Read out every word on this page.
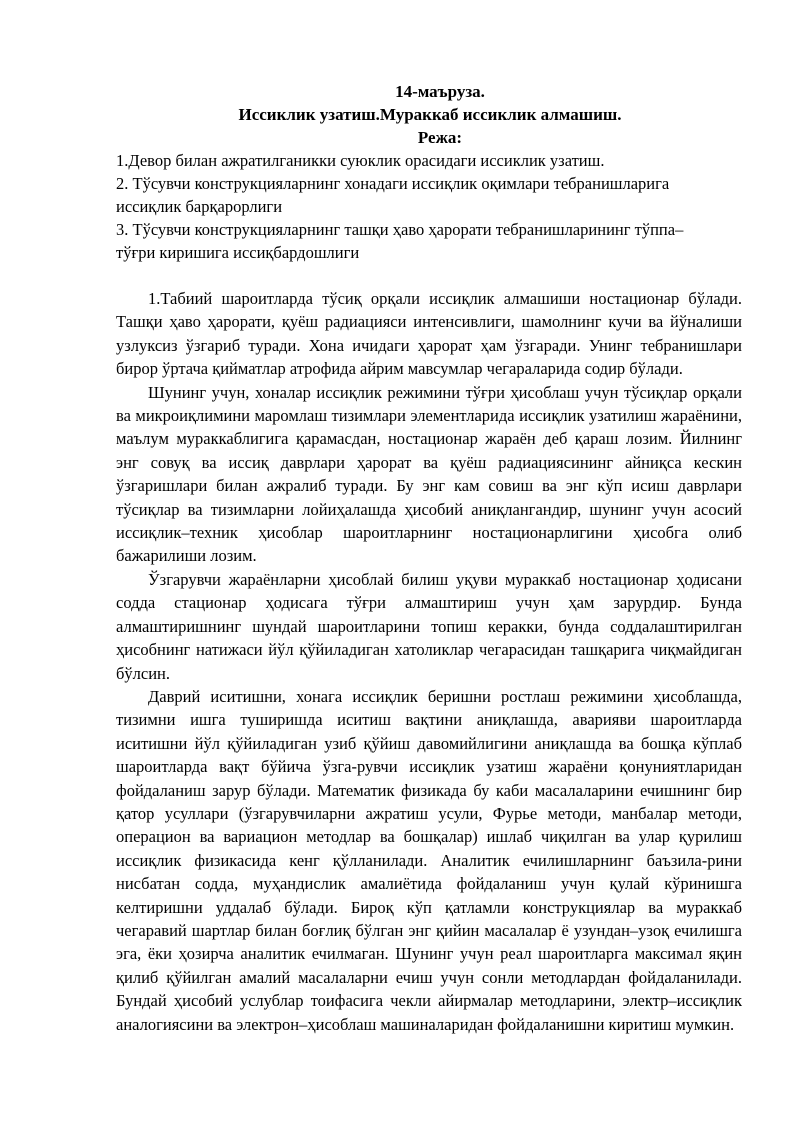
14-маъруза.
Иссиклик узатиш.Мураккаб иссиклик алмашиш.
Режа:

1.Девор билан ажратилганикки суюклик орасидаги иссиклик узатиш.

2. Тўсувчи конструкцияларнинг хонадаги иссиқлик оқимлари тебранишларига иссиқлик барқарорлиги

3. Тўсувчи конструкцияларнинг ташқи ҳаво ҳарорати тебранишларининг тўппа–тўғри киришига иссиқбардошлиги

1.Табиий шароитларда тўсиқ орқали иссиқлик алмашиши ностационар бўлади. Ташқи ҳаво ҳарорати, қуёш радиацияси интенсивлиги, шамолнинг кучи ва йўналиши узлуксиз ўзгариб туради. Хона ичидаги ҳарорат ҳам ўзгаради. Унинг тебранишлари бирор ўртача қийматлар атрофида айрим мавсумлар чегараларида содир бўлади.

Шунинг учун, хоналар иссиқлик режимини тўғри ҳисоблаш учун тўсиқлар орқали ва микроиқлимини маромлаш тизимлари элементларида иссиқлик узатилиш жараёнини, маълум мураккаблигига қарамасдан, ностационар жараён деб қараш лозим. Йилнинг энг совуқ ва иссиқ даврлари ҳарорат ва қуёш радиациясининг айниқса кескин ўзгаришлари билан ажралиб туради. Бу энг кам совиш ва энг кўп исиш даврлари тўсиқлар ва тизимларни лойиҳалашда ҳисобий аниқлангандир, шунинг учун асосий иссиқлик–техник ҳисоблар шароитларнинг ностационарлигини ҳисобга олиб бажарилиши лозим.

Ўзгарувчи жараёнларни ҳисоблай билиш уқуви мураккаб ностационар ҳодисани содда стационар ҳодисага тўғри алмаштириш учун ҳам зарурдир. Бунда алмаштиришнинг шундай шароитларини топиш керакки, бунда соддалаштирилган ҳисобнинг натижаси йўл қўйиладиган хатоликлар чегарасидан ташқарига чиқмайдиган бўлсин.

Даврий иситишни, хонага иссиқлик беришни ростлаш режимини ҳисоблашда, тизимни ишга туширишда иситиш вақтини аниқлашда, аварияви шароитларда иситишни йўл қўйиладиган узиб қўйиш давомийлигини аниқлашда ва бошқа кўплаб шароитларда вақт бўйича ўзга-рувчи иссиқлик узатиш жараёни қонуниятларидан фойдаланиш зарур бўлади. Математик физикада бу каби масалаларини ечишнинг бир қатор усуллари (ўзгарувчиларни ажратиш усули, Фурье методи, манбалар методи, операцион ва вариацион методлар ва бошқалар) ишлаб чиқилган ва улар қурилиш иссиқлик физикасида кенг қўлланилади. Аналитик ечилишларнинг баъзила-рини нисбатан содда, муҳандислик амалиётида фойдаланиш учун қулай кўринишга келтиришни уддалаб бўлади. Бироқ кўп қатламли конструкциялар ва мураккаб чегаравий шартлар билан боғлиқ бўлган энг қийин масалалар ё узундан–узоқ ечилишга эга, ёки ҳозирча аналитик ечилмаган. Шунинг учун реал шароитларга максимал яқин қилиб қўйилган амалий масалаларни ечиш учун сонли методлардан фойдаланилади. Бундай ҳисобий услублар тоифасига чекли айирмалар методларини, электр–иссиқлик аналогиясини ва электрон–ҳисоблаш машиналаридан фойдаланишни киритиш мумкин.
